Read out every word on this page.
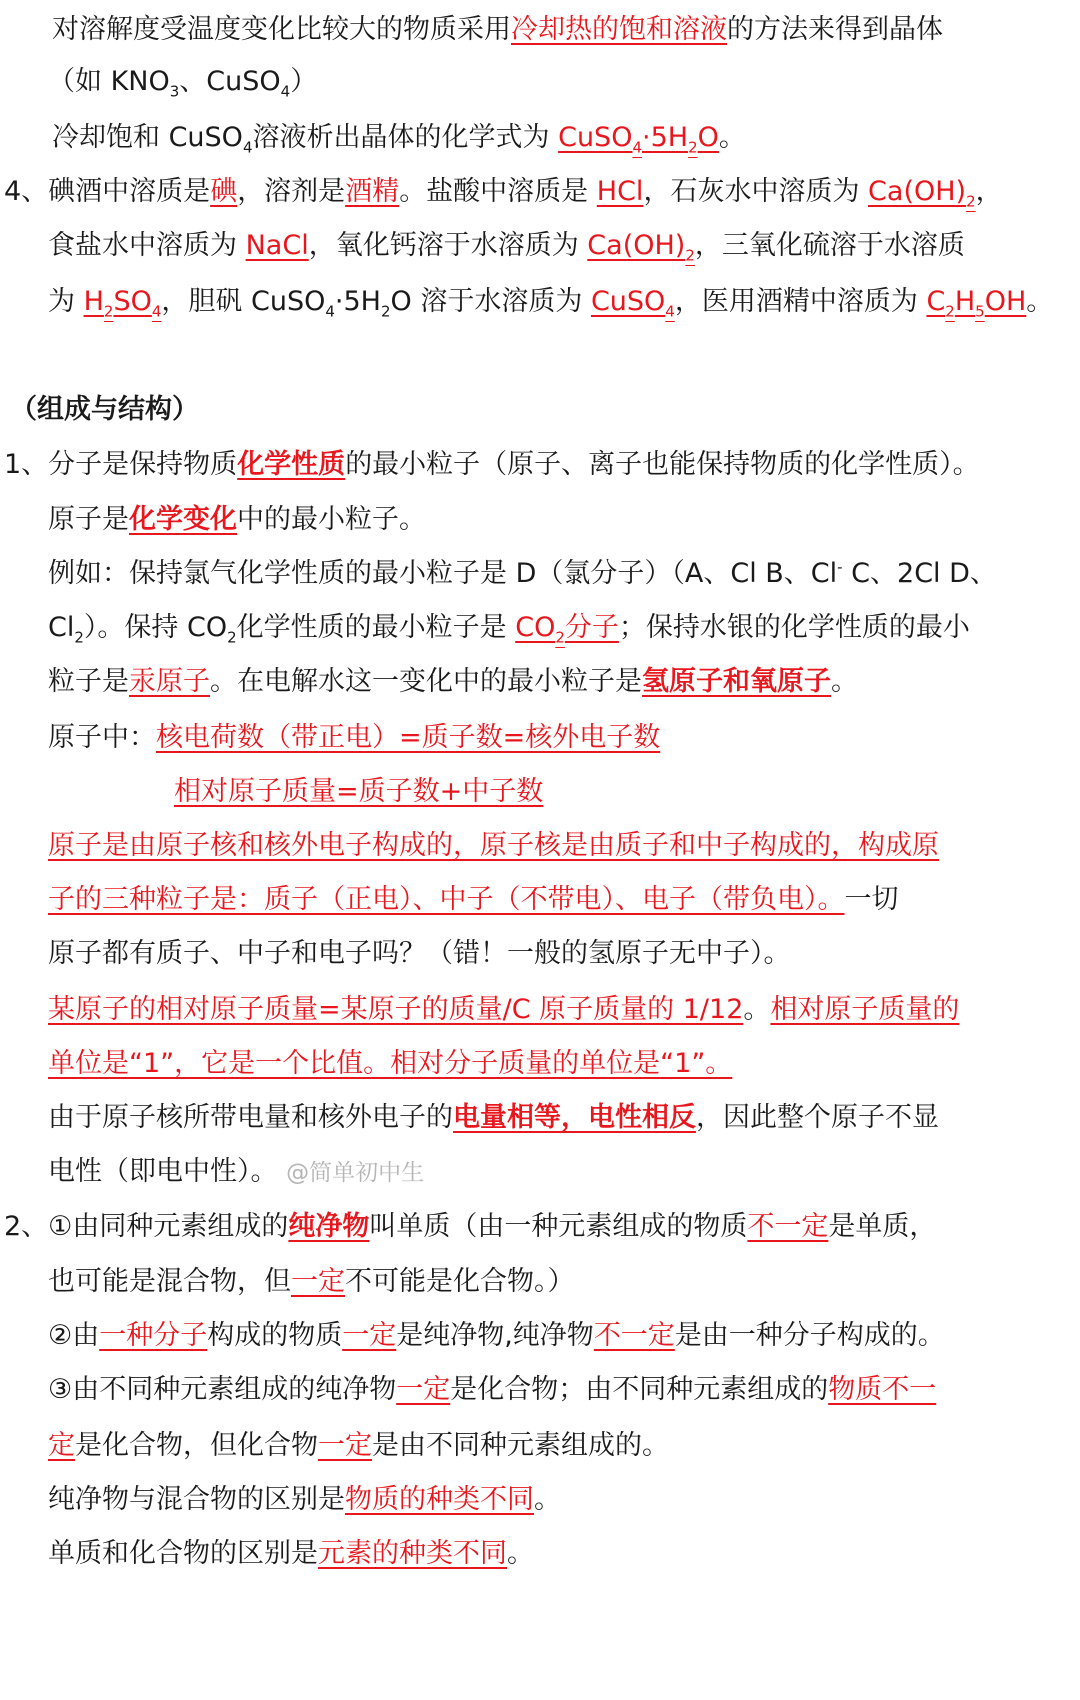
对溶解度受温度变化比较大的物质采用冷却热的饱和溶液的方法来得到晶体
（如 $KNO_3$、CuSO$_4$）
冷却饱和 CuSO$_4$溶液析出晶体的化学式为 $CuSO_4\cdot 5H_2O$。
4、碘酒中溶质是碘，溶剂是酒精。盐酸中溶质是 HCl，石灰水中溶质为 $Ca(OH)_2$，
食盐水中溶质为 NaCl，氧化钙溶于水溶质为 $Ca(OH)_2$，三氧化硫溶于水溶质
为 $H_2SO_4$，胆矾 $CuSO_4\cdot 5H_2O$ 溶于水溶质为 CuSO$_4$，医用酒精中溶质为 $C_2H_5OH$。
（组成与结构）
1、分子是保持物质化学性质的最小粒子（原子、离子也能保持物质的化学性质）。
原子是化学变化中的最小粒子。
例如：保持氯气化学性质的最小粒子是 D（氯分子）（A、Cl B、Cl- C、2Cl D、
$Cl_2$）。保持 $CO_2$化学性质的最小粒子是 $CO_2$分子；保持水银的化学性质的最小
粒子是汞原子。在电解水这一变化中的最小粒子是氢原子和氧原子。
原子中：核电荷数（带正电）=质子数=核外电子数
相对原子质量=质子数+中子数
原子是由原子核和核外电子构成的，原子核是由质子和中子构成的，构成原
子的三种粒子是：质子（正电）、中子（不带电）、电子（带负电）。一切
原子都有质子、中子和电子吗？（错！一般的氢原子无中子）。
某原子的相对原子质量=某原子的质量/C 原子质量的 1/12。相对原子质量的
单位是“1”，它是一个比值。相对分子质量的单位是“1”。
由于原子核所带电量和核外电子的电量相等，电性相反，因此整个原子不显
电性（即电中性）。 @简单初中生
2、①由同种元素组成的纯净物叫单质（由一种元素组成的物质不一定是单质，
也可能是混合物，但一定不可能是化合物。）
②由一种分子构成的物质一定是纯净物,纯净物不一定是由一种分子构成的。
③由不同种元素组成的纯净物一定是化合物；由不同种元素组成的物质不一
定是化合物，但化合物一定是由不同种元素组成的。
纯净物与混合物的区别是物质的种类不同。
单质和化合物的区别是元素的种类不同。
